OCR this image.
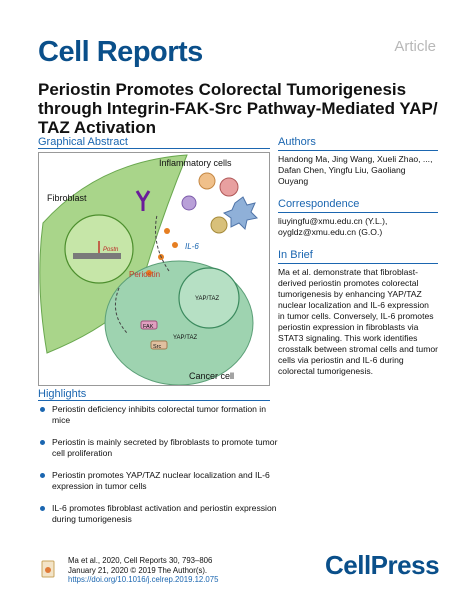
Cell Reports	Article
Periostin Promotes Colorectal Tumorigenesis through Integrin-FAK-Src Pathway-Mediated YAP/ TAZ Activation
Graphical Abstract
Inflammatory cells
Fibroblast
Postn	IL-6
Periostin
YAP/TAZ
FAK
Src
YAP/TAZ
Cancer cell
Authors
Handong Ma, Jing Wang, Xueli Zhao, ..., Dafan Chen, Yingfu Liu, Gaoliang Ouyang
Correspondence
liuyingfu@xmu.edu.cn (Y.L.), oygldz@xmu.edu.cn (G.O.)
In Brief
Ma et al. demonstrate that fibroblast-derived periostin promotes colorectal tumorigenesis by enhancing YAP/TAZ nuclear localization and IL-6 expression in tumor cells. Conversely, IL-6 promotes periostin expression in fibroblasts via STAT3 signaling. This work identifies crosstalk between stromal cells and tumor cells via periostin and IL-6 during colorectal tumorigenesis.
Highlights
Periostin deficiency inhibits colorectal tumor formation in mice
Periostin is mainly secreted by fibroblasts to promote tumor cell proliferation
Periostin promotes YAP/TAZ nuclear localization and IL-6 expression in tumor cells
IL-6 promotes fibroblast activation and periostin expression during tumorigenesis
Ma et al., 2020, Cell Reports 30, 793–806
January 21, 2020 © 2019 The Author(s).
https://doi.org/10.1016/j.celrep.2019.12.075	CellPress
